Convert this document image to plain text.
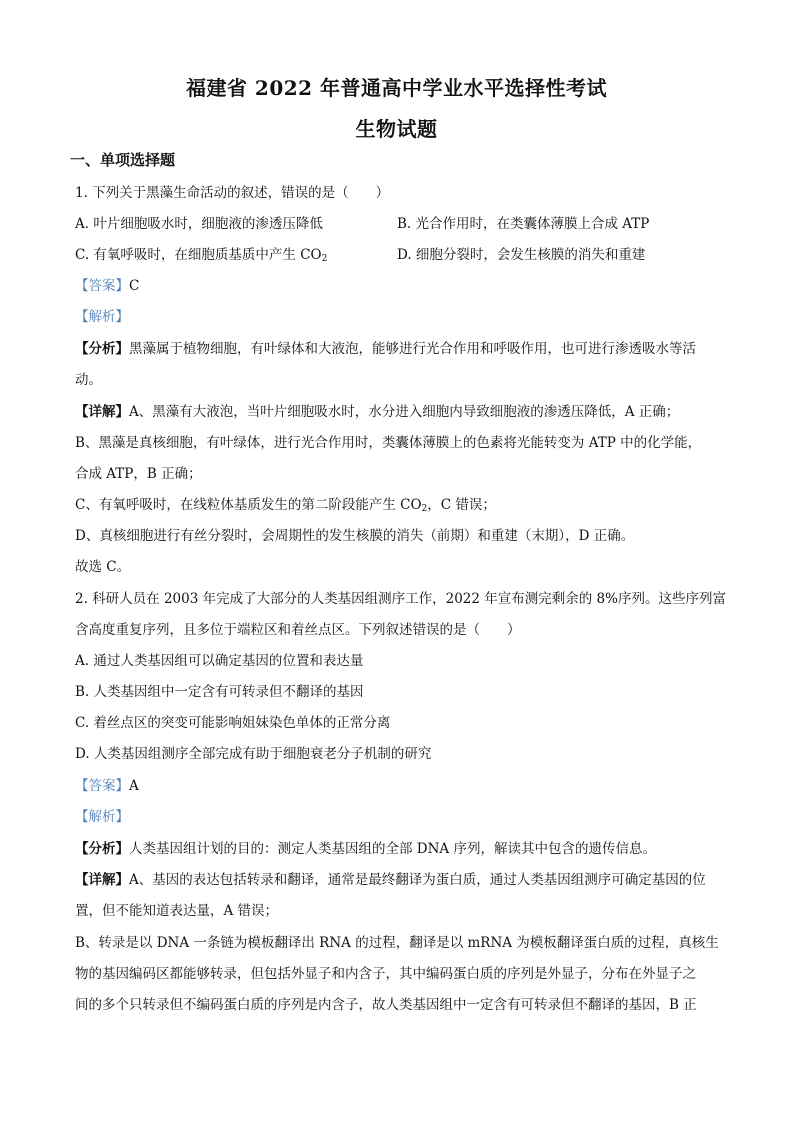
福建省 2022 年普通高中学业水平选择性考试
生物试题
一、单项选择题
1. 下列关于黑藻生命活动的叙述，错误的是（　　）
A. 叶片细胞吸水时，细胞液的渗透压降低	B. 光合作用时，在类囊体薄膜上合成 ATP
C. 有氧呼吸时，在细胞质基质中产生 $CO_2$	D. 细胞分裂时，会发生核膜的消失和重建
【答案】C
【解析】
【分析】黑藻属于植物细胞，有叶绿体和大液泡，能够进行光合作用和呼吸作用，也可进行渗透吸水等活
动。
【详解】A、黑藻有大液泡，当叶片细胞吸水时，水分进入细胞内导致细胞液的渗透压降低，A 正确；
B、黑藻是真核细胞，有叶绿体，进行光合作用时，类囊体薄膜上的色素将光能转变为 ATP 中的化学能，
合成 ATP，B 正确；
C、有氧呼吸时，在线粒体基质发生的第二阶段能产生 $CO_2$，C 错误；
D、真核细胞进行有丝分裂时，会周期性的发生核膜的消失（前期）和重建（末期），D 正确。
故选 C。
2. 科研人员在 2003 年完成了大部分的人类基因组测序工作，2022 年宣布测完剩余的 8%序列。这些序列富
含高度重复序列，且多位于端粒区和着丝点区。下列叙述错误的是（　　）
A. 通过人类基因组可以确定基因的位置和表达量
B. 人类基因组中一定含有可转录但不翻译的基因
C. 着丝点区的突变可能影响姐妹染色单体的正常分离
D. 人类基因组测序全部完成有助于细胞衰老分子机制的研究
【答案】A
【解析】
【分析】人类基因组计划的目的：测定人类基因组的全部 DNA 序列，解读其中包含的遗传信息。
【详解】A、基因的表达包括转录和翻译，通常是最终翻译为蛋白质，通过人类基因组测序可确定基因的位
置，但不能知道表达量，A 错误；
B、转录是以 DNA 一条链为模板翻译出 RNA 的过程，翻译是以 mRNA 为模板翻译蛋白质的过程，真核生
物的基因编码区都能够转录，但包括外显子和内含子，其中编码蛋白质的序列是外显子，分布在外显子之
间的多个只转录但不编码蛋白质的序列是内含子，故人类基因组中一定含有可转录但不翻译的基因，B 正
